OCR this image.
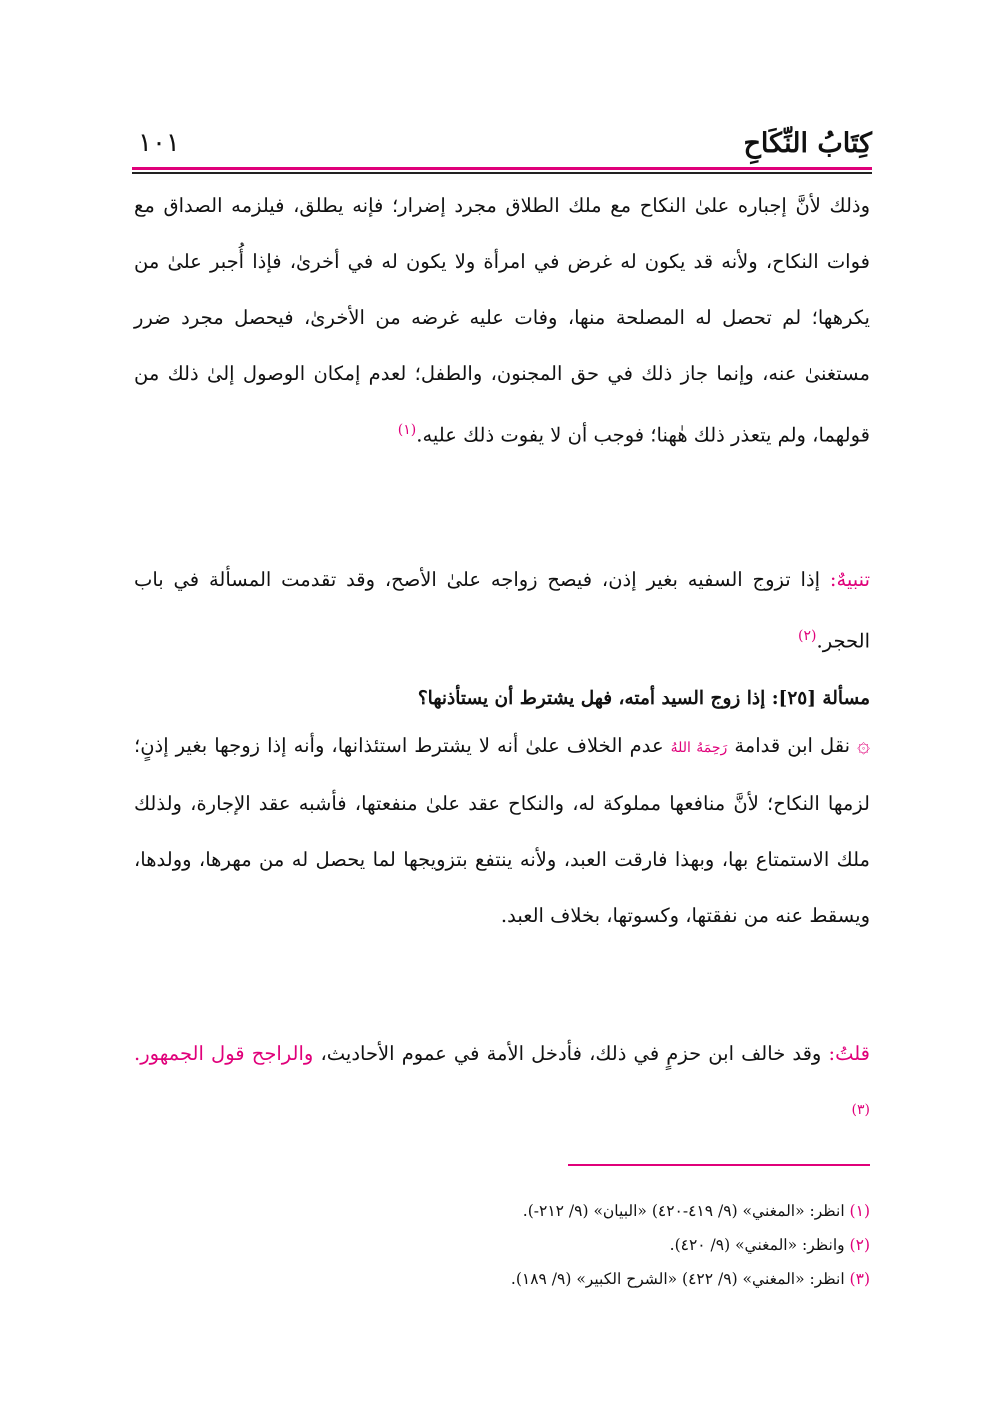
كِتَابُ النِّكَاحِ
١٠١

وذلك لأنَّ إجباره علىٰ النكاح مع ملك الطلاق مجرد إضرار؛ فإنه يطلق، فيلزمه الصداق مع فوات النكاح، ولأنه قد يكون له غرض في امرأة ولا يكون له في أخرىٰ، فإذا أُجبر علىٰ من يكرهها؛ لم تحصل له المصلحة منها، وفات عليه غرضه من الأخرىٰ، فيحصل مجرد ضرر مستغنىٰ عنه، وإنما جاز ذلك في حق المجنون، والطفل؛ لعدم إمكان الوصول إلىٰ ذلك من قولهما، ولم يتعذر ذلك هٰهنا؛ فوجب أن لا يفوت ذلك عليه.$^{(١)}$

تنبيهٌ: إذا تزوج السفيه بغير إذن، فيصح زواجه علىٰ الأصح، وقد تقدمت المسألة في باب الحجر.$^{(٢)}$

مسألة [٢٥]: إذا زوج السيد أمته، فهل يشترط أن يستأذنها؟

۞ نقل ابن قدامة رَحِمَهُ اللهُ عدم الخلاف علىٰ أنه لا يشترط استئذانها، وأنه إذا زوجها بغير إذنٍ؛ لزمها النكاح؛ لأنَّ منافعها مملوكة له، والنكاح عقد علىٰ منفعتها، فأشبه عقد الإجارة، ولذلك ملك الاستمتاع بها، وبهذا فارقت العبد، ولأنه ينتفع بتزويجها لما يحصل له من مهرها، وولدها، ويسقط عنه من نفقتها، وكسوتها، بخلاف العبد.

قلتُ: وقد خالف ابن حزمٍ في ذلك، فأدخل الأمة في عموم الأحاديث، والراجح قول الجمهور.$^{(٣)}$

(١) انظر: «المغني» (٩/ ٤١٩-٤٢٠) «البيان» (٩/ ٢١٢-).

(٢) وانظر: «المغني» (٩/ ٤٢٠).

(٣) انظر: «المغني» (٩/ ٤٢٢) «الشرح الكبير» (٩/ ١٨٩).
